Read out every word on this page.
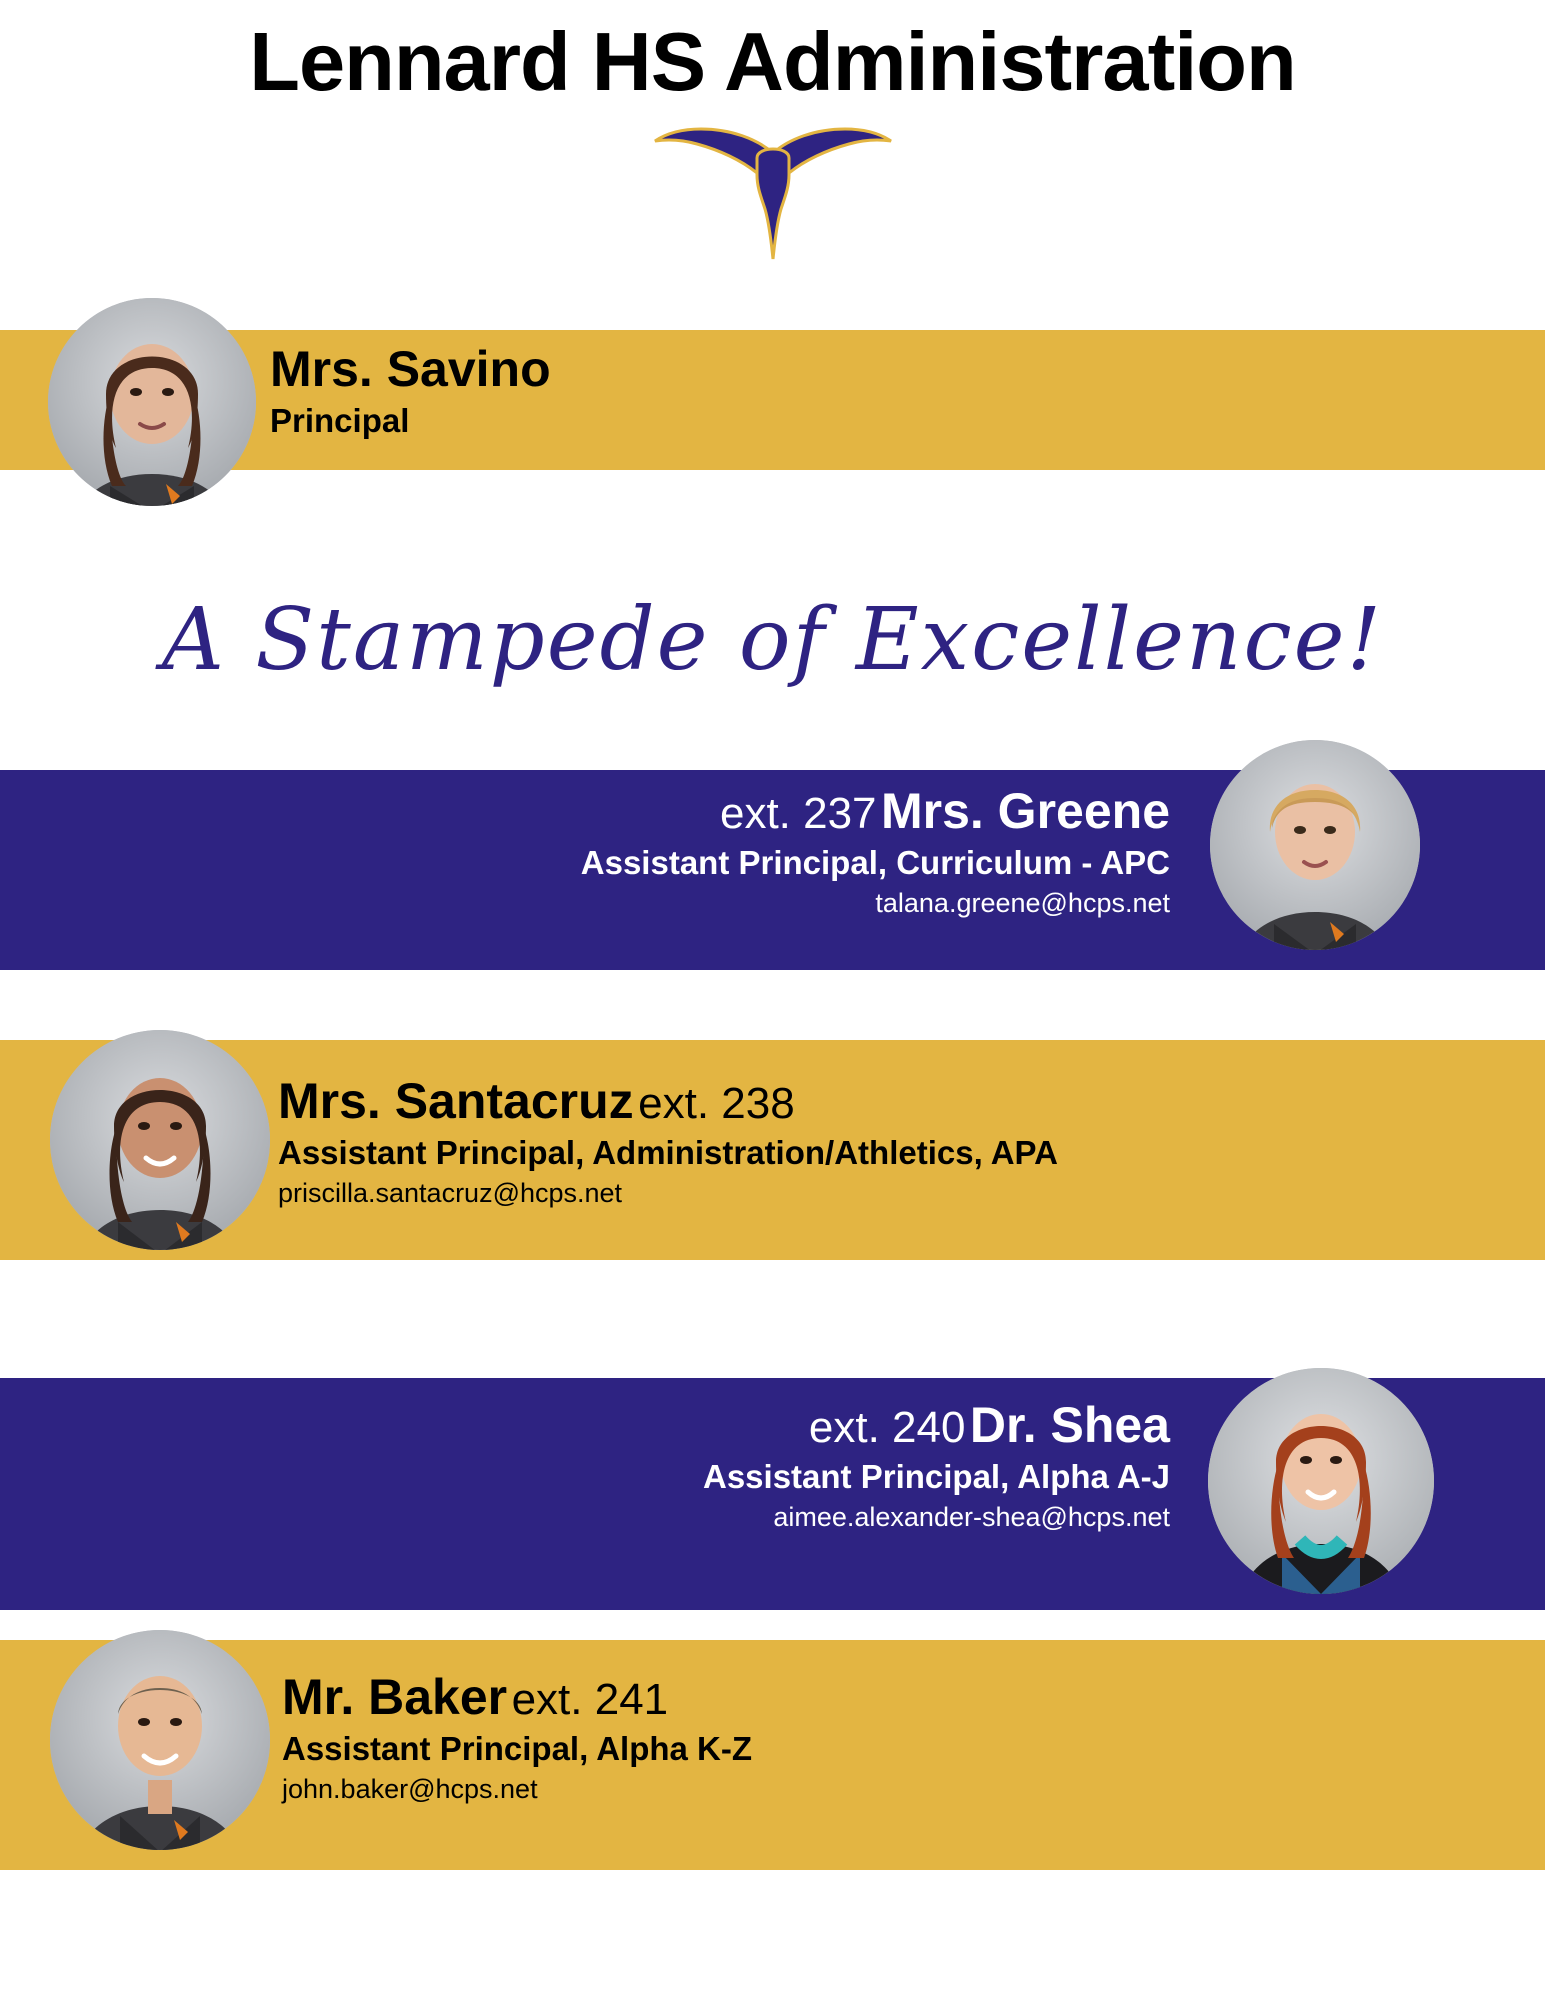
Lennard HS Administration
Mrs. Savino
Principal
A Stampede of Excellence!
ext. 237 Mrs. Greene
Assistant Principal, Curriculum - APC
talana.greene@hcps.net
Mrs. Santacruz ext. 238
Assistant Principal, Administration/Athletics, APA
priscilla.santacruz@hcps.net
ext. 240 Dr. Shea
Assistant Principal, Alpha A-J
aimee.alexander-shea@hcps.net
Mr. Baker ext. 241
Assistant Principal, Alpha K-Z
john.baker@hcps.net
